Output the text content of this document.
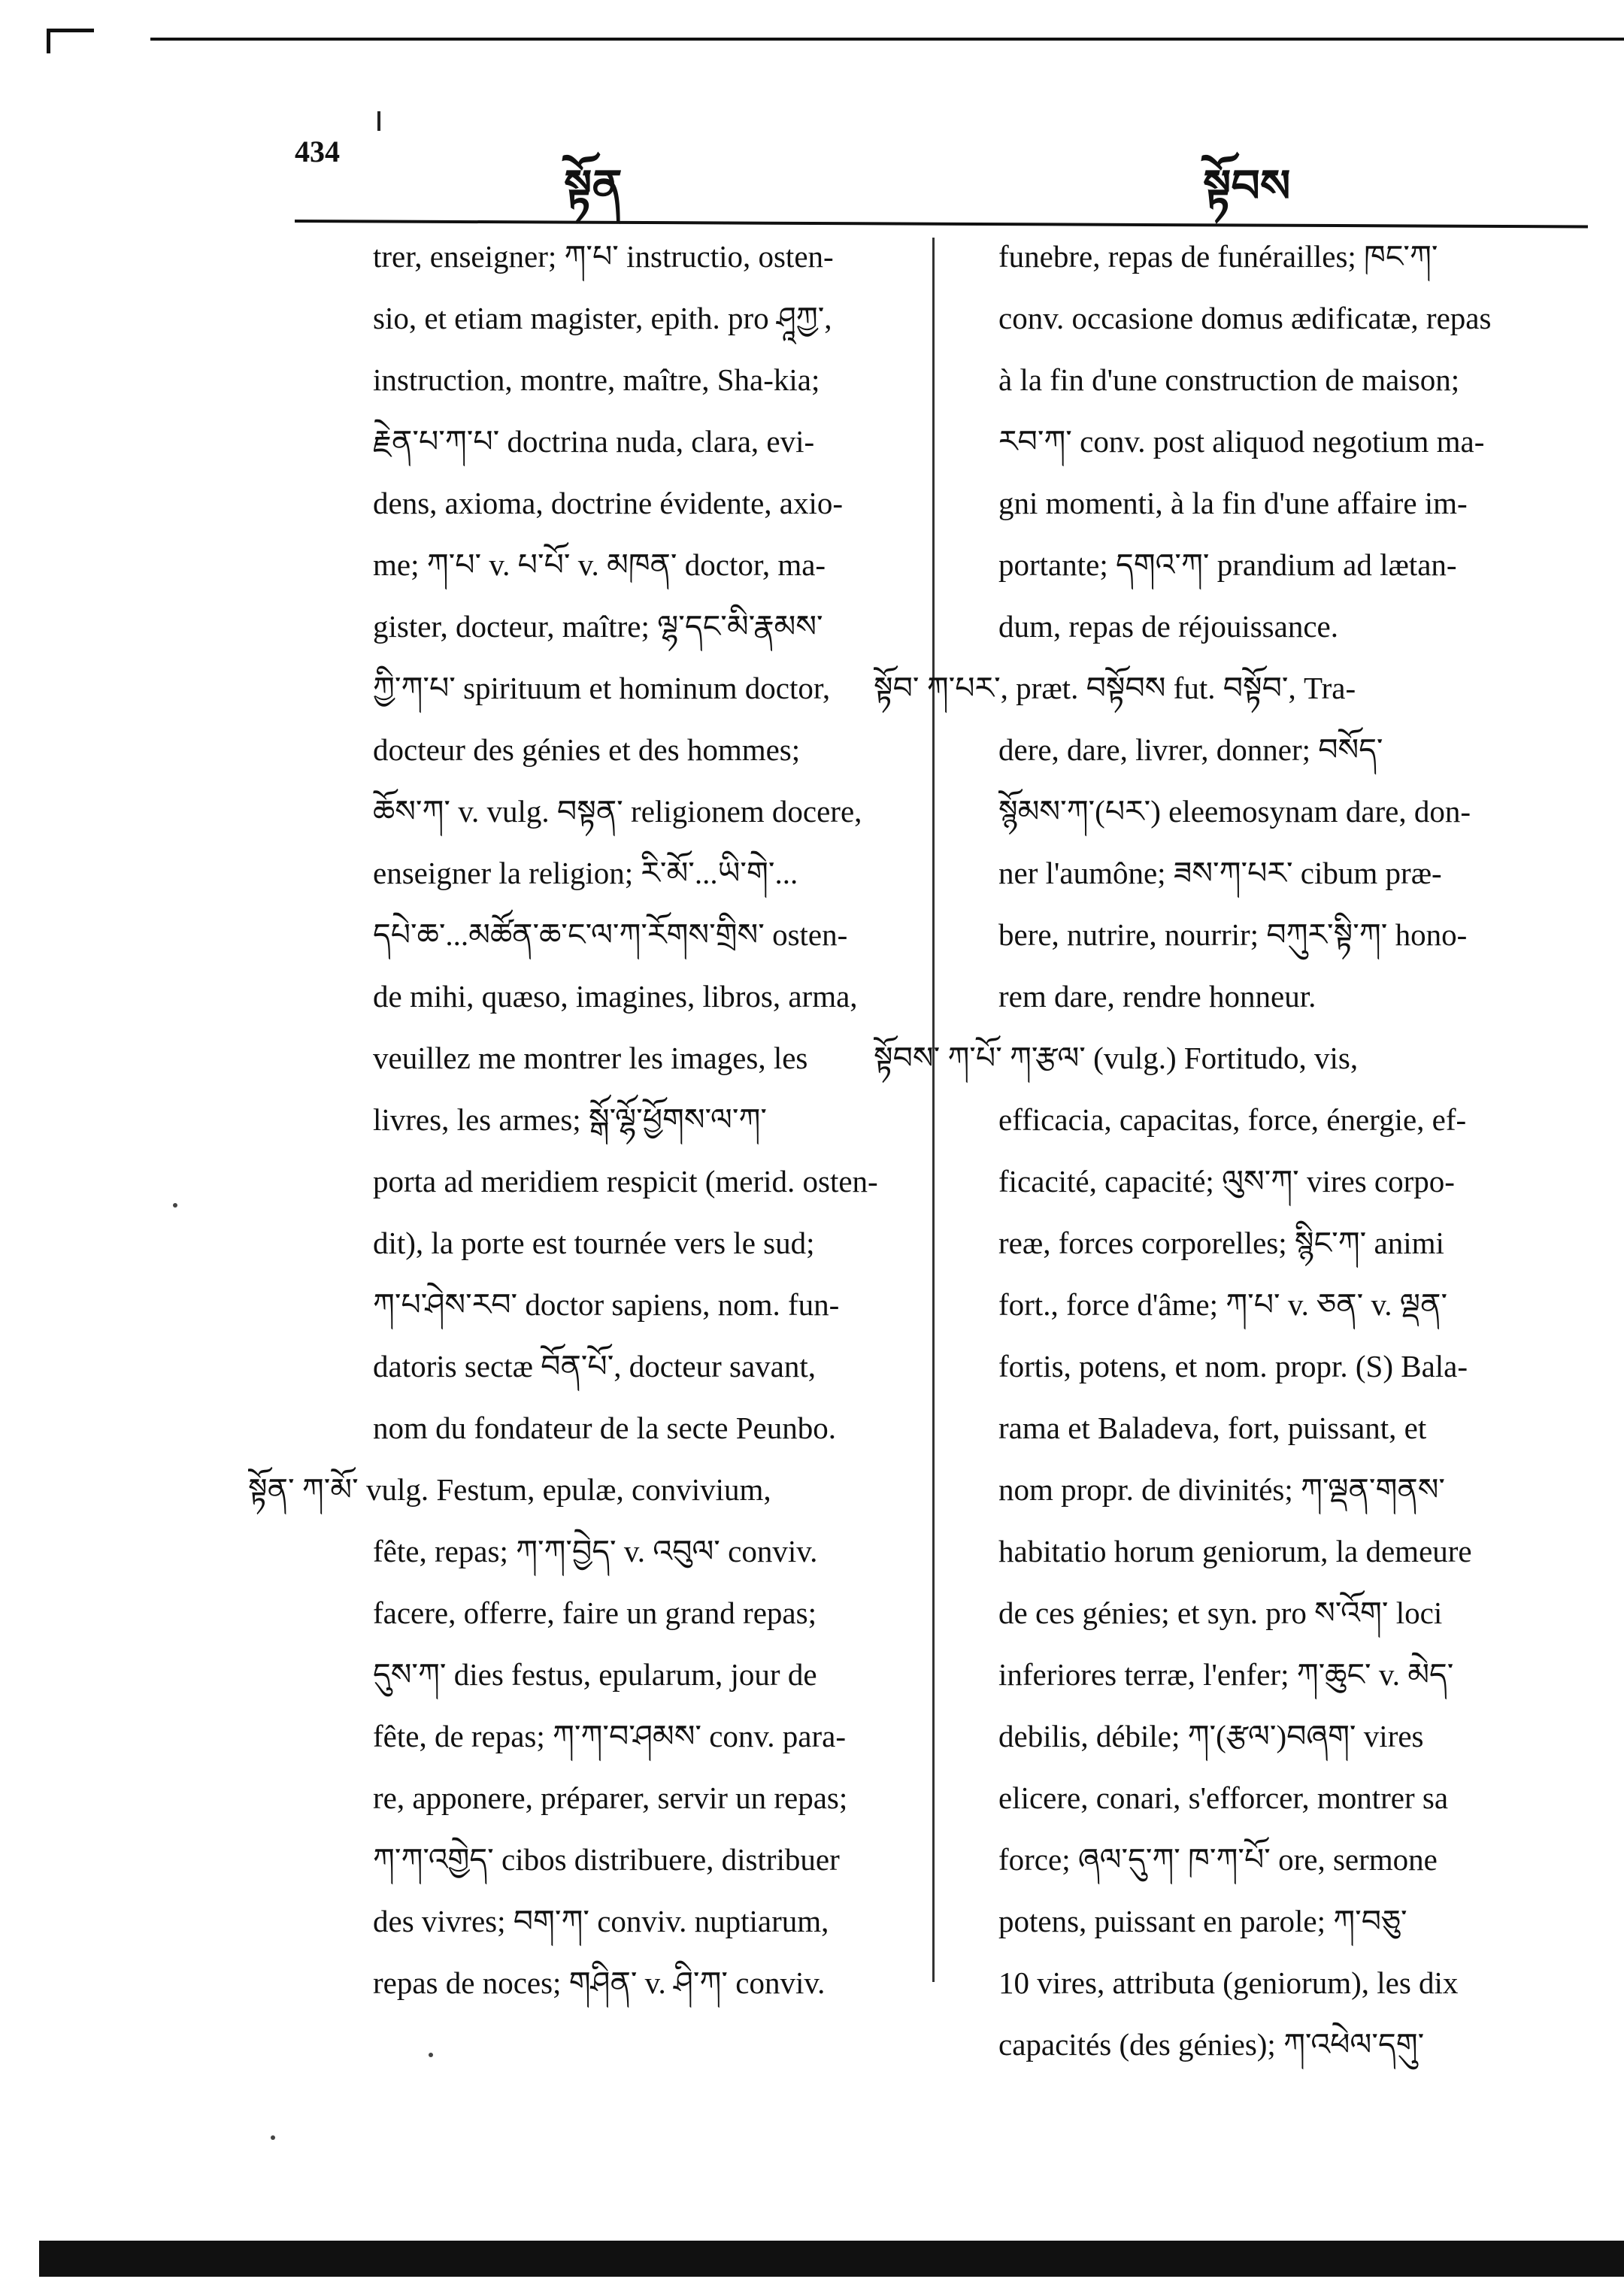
434
སྟོན	སྟོབས
trer, enseigner; ཀ་པ་ instructio, osten-
sio, et etiam magister, epith. pro ཤཱཀྱ་,
instruction, montre, maître, Sha-kia;
རྗེན་པ་ཀ་པ་ doctrina nuda, clara, evi-
dens, axioma, doctrine évidente, axio-
me; ཀ་པ་ v. པ་པོ་ v. མཁན་ doctor, ma-
gister, docteur, maître; ལྷ་དང་མི་རྣམས་
ཀྱི་ཀ་པ་ spirituum et hominum doctor,
docteur des génies et des hommes;
ཆོས་ཀ་ v. vulg. བསྟན་ religionem docere,
enseigner la religion; རི་མོ་...ཡི་གེ་...
དཔེ་ཆ་...མཚོན་ཆ་ང་ལ་ཀ་རོགས་གྲིས་ osten-
de mihi, quæso, imagines, libros, arma,
veuillez me montrer les images, les
livres, les armes; སྒོ་ལྷོ་ཕྱོགས་ལ་ཀ་
porta ad meridiem respicit (merid. osten-
dit), la porte est tournée vers le sud;
ཀ་པ་ཤེས་རབ་ doctor sapiens, nom. fun-
datoris sectæ བོན་པོ་, docteur savant,
nom du fondateur de la secte Peunbo.
སྟོན་ ཀ་མོ་ vulg. Festum, epulæ, convivium,
fête, repas; ཀ་ཀ་བྱེད་ v. འབུལ་ conviv.
facere, offerre, faire un grand repas;
དུས་ཀ་ dies festus, epularum, jour de
fête, de repas; ཀ་ཀ་བ་ཤམས་ conv. para-
re, apponere, préparer, servir un repas;
ཀ་ཀ་འགྱེད་ cibos distribuere, distribuer
des vivres; བག་ཀ་ conviv. nuptiarum,
repas de noces; གཤིན་ v. ཤི་ཀ་ conviv.
funebre, repas de funérailles; ཁང་ཀ་
conv. occasione domus ædificatæ, repas
à la fin d'une construction de maison;
རབ་ཀ་ conv. post aliquod negotium ma-
gni momenti, à la fin d'une affaire im-
portante; དགའ་ཀ་ prandium ad lætan-
dum, repas de réjouissance.
སྟོབ་ ཀ་པར་, præt. བསྟོབས fut. བསྟོབ་, Tra-
dere, dare, livrer, donner; བསོད་
སྙོམས་ཀ་(པར་) eleemosynam dare, don-
ner l'aumône; ཟས་ཀ་པར་ cibum præ-
bere, nutrire, nourrir; བཀུར་སྟི་ཀ་ hono-
rem dare, rendre honneur.
སྟོབས་ ཀ་པོ་ ཀ་རྩལ་ (vulg.) Fortitudo, vis,
efficacia, capacitas, force, énergie, ef-
ficacité, capacité; ལུས་ཀ་ vires corpo-
reæ, forces corporelles; སྙིང་ཀ་ animi
fort., force d'âme; ཀ་པ་ v. ཅན་ v. ལྡན་
fortis, potens, et nom. propr. (S) Bala-
rama et Baladeva, fort, puissant, et
nom propr. de divinités; ཀ་ལྡན་གནས་
habitatio horum geniorum, la demeure
de ces génies; et syn. pro ས་འོག་ loci
inferiores terræ, l'enfer; ཀ་ཆུང་ v. མེད་
debilis, débile; ཀ་(རྩལ་)བཞག་ vires
elicere, conari, s'efforcer, montrer sa
force; ཞལ་དུ་ཀ་ ཁ་ཀ་པོ་ ore, sermone
potens, puissant en parole; ཀ་བཅུ་
10 vires, attributa (geniorum), les dix
capacités (des génies); ཀ་འཕེལ་དགུ་
